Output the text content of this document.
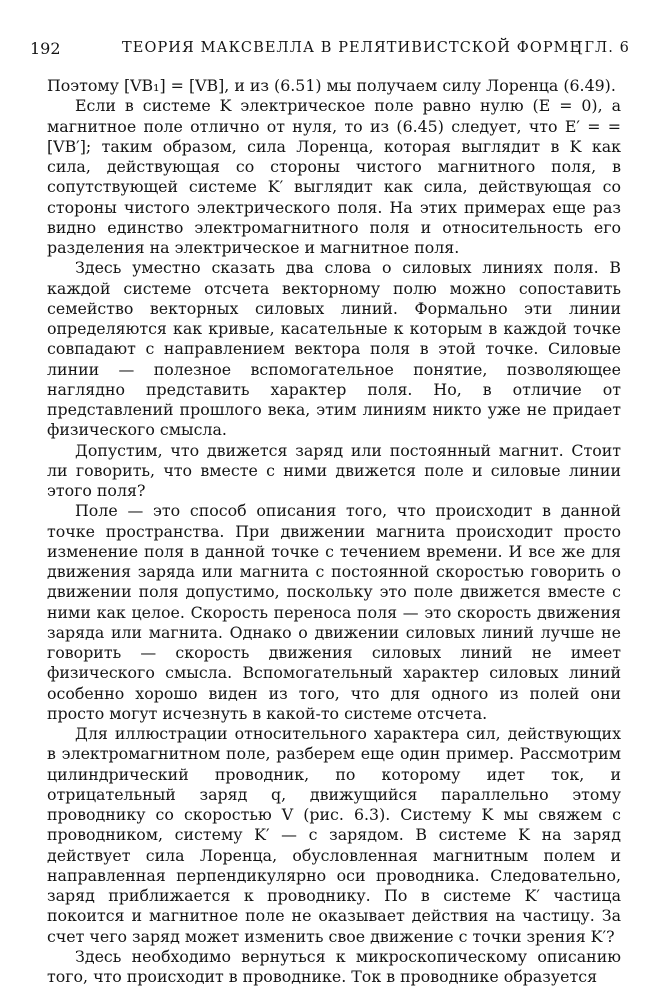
192	ТЕОРИЯ МАКСВЕЛЛА В РЕЛЯТИВИСТСКОЙ ФОРМЕ
[ГЛ. 6

Поэтому [VB₁] = [VB], и из (6.51) мы получаем силу Лоренца (6.49).

Если в системе K электрическое поле равно нулю (E = 0), а магнитное поле отлично от нуля, то из (6.45) следует, что E′ = = [VB′]; таким образом, сила Лоренца, которая выглядит в K как сила, действующая со стороны чистого магнитного поля, в сопутствующей системе K′ выглядит как сила, действующая со стороны чистого электрического поля. На этих примерах еще раз видно единство электромагнитного поля и относительность его разделения на электрическое и магнитное поля.

Здесь уместно сказать два слова о силовых линиях поля. В каждой системе отсчета векторному полю можно сопоставить семейство векторных силовых линий. Формально эти линии определяются как кривые, касательные к которым в каждой точке совпадают с направлением вектора поля в этой точке. Силовые линии — полезное вспомогательное понятие, позволяющее наглядно представить характер поля. Но, в отличие от представлений прошлого века, этим линиям никто уже не придает физического смысла.

Допустим, что движется заряд или постоянный магнит. Стоит ли говорить, что вместе с ними движется поле и силовые линии этого поля?

Поле — это способ описания того, что происходит в данной точке пространства. При движении магнита происходит просто изменение поля в данной точке с течением времени. И все же для движения заряда или магнита с постоянной скоростью говорить о движении поля допустимо, поскольку это поле движется вместе с ними как целое. Скорость переноса поля — это скорость движения заряда или магнита. Однако о движении силовых линий лучше не говорить — скорость движения силовых линий не имеет физического смысла. Вспомогательный характер силовых линий особенно хорошо виден из того, что для одного из полей они просто могут исчезнуть в какой-то системе отсчета.

Для иллюстрации относительного характера сил, действующих в электромагнитном поле, разберем еще один пример. Рассмотрим цилиндрический проводник, по которому идет ток, и отрицательный заряд q, движущийся параллельно этому проводнику со скоростью V (рис. 6.3). Систему K мы свяжем с проводником, систему K′ — с зарядом. В системе K на заряд действует сила Лоренца, обусловленная магнитным полем и направленная перпендикулярно оси проводника. Следовательно, заряд приближается к проводнику. По в системе K′ частица покоится и магнитное поле не оказывает действия на частицу. За счет чего заряд может изменить свое движение с точки зрения K′?

Здесь необходимо вернуться к микроскопическому описанию того, что происходит в проводнике. Ток в проводнике образуется
